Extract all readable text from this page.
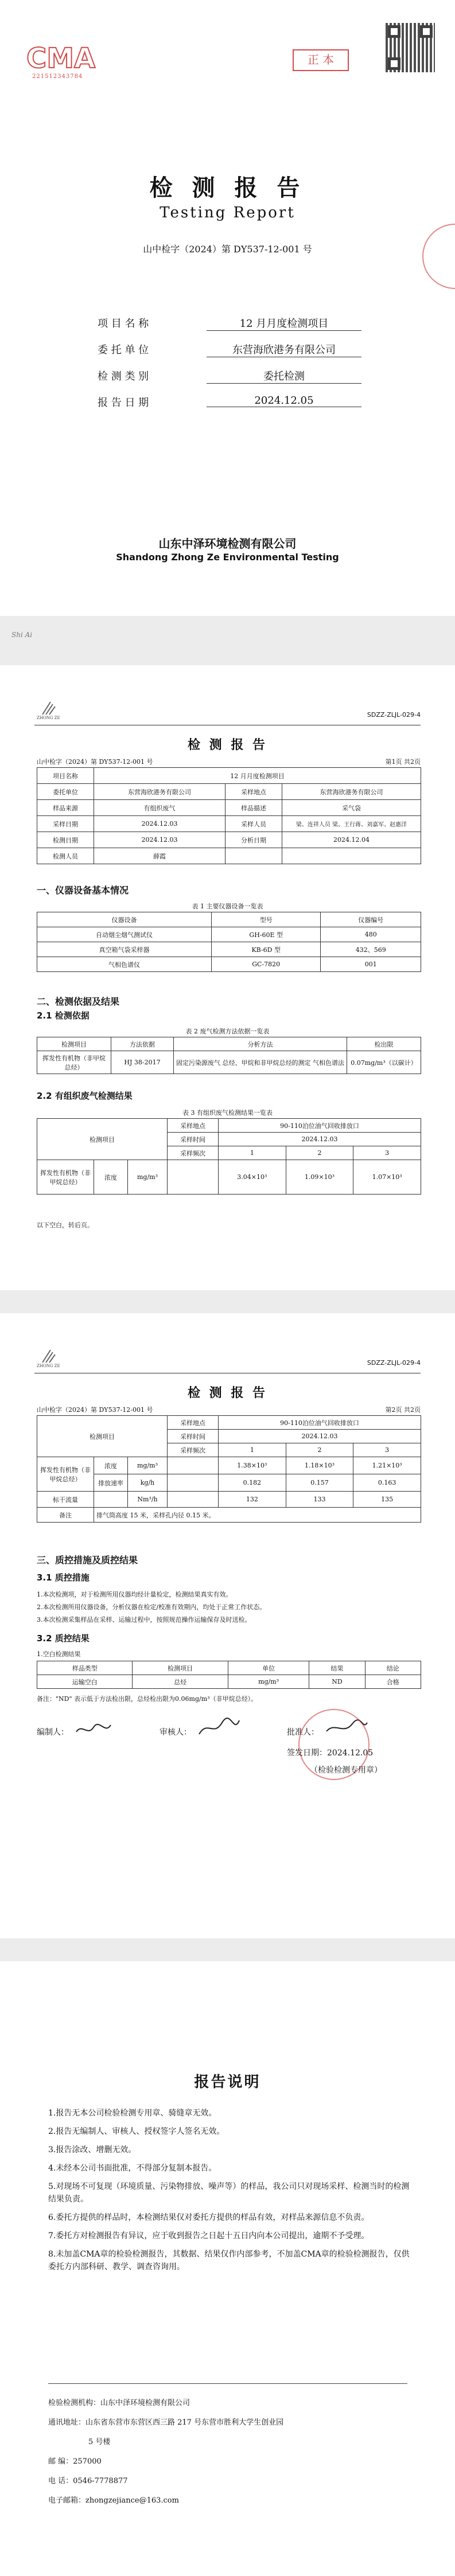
CMA
221512343784
正 本
检 测 报 告
Testing Report
山中检字（2024）第 DY537-12-001 号
项 目 名 称	12 月月度检测项目
委 托 单 位	东营海欣港务有限公司
检 测 类 别	委托检测
报 告 日 期	2024.12.05
山东中泽环境检测有限公司
Shandong Zhong Ze Environmental Testing
Shi Ai
ZHONG ZE	SDZZ-ZLJL-029-4
检 测 报 告
山中检字（2024）第 DY537-12-001 号	第1页 共2页
项目名称	12 月月度检测项目		
委托单位	东营海欣港务有限公司	采样地点	东营海欣港务有限公司
样品来源	有组织废气	样品描述	采气袋
采样日期	2024.12.03	采样人员	梁、连祥人员 梁、王行蒋、刘嘉军、赵惠洋
检测日期	2024.12.03	分析日期	2024.12.04
检测人员	薛霞		
一、仪器设备基本情况
表 1 主要仪器设备一览表
仪器设备	型号	仪器编号
自动烟尘烟气测试仪	GH-60E 型	480
真空箱气袋采样器	KB-6D 型	432、569
气相色谱仪	GC-7820	001
二、检测依据及结果
2.1 检测依据
表 2 废气检测方法依据一览表
检测项目	方法依据	分析方法	检出限
挥发性有机物（非甲烷总烃）	HJ 38-2017	固定污染源废气 总烃、甲烷和非甲烷总烃的测定 气相色谱法	0.07mg/m³（以碳计）
2.2 有组织废气检测结果
表 3 有组织废气检测结果一览表
检测项目			采样地点	90-110泊位油气回收排放口		
			采样时间	2024.12.03		
			采样频次	1	2	3
挥发性有机物（非甲烷总烃）	浓度	mg/m³		3.04×10³	1.09×10³	1.07×10³
以下空白，转后页。
ZHONG ZE	SDZZ-ZLJL-029-4
检 测 报 告
山中检字（2024）第 DY537-12-001 号	第2页 共2页
检测项目			采样地点	90-110泊位油气回收排放口		
			采样时间	2024.12.03		
			采样频次	1	2	3
挥发性有机物（非甲烷总烃）	浓度	mg/m³		1.38×10³	1.18×10³	1.21×10³
	排放速率	kg/h		0.182	0.157	0.163
标干流量		Nm³/h		132	133	135
备注	排气筒高度 15 米，采样孔内径 0.15 米。					
三、质控措施及质控结果
3.1 质控措施
1.本次检测项，对于检测所用仪器均经计量检定，检测结果真实有效。
2.本次检测所用仪器设备，分析仪器在检定/校准有效期内，均处于正常工作状态。
3.本次检测采集样品在采样、运输过程中，按照规范操作运输保存及时送检。
3.2 质控结果
1.空白检测结果
样品类型	检测项目	单位	结果	结论
运输空白	总烃	mg/m³	ND	合格
备注："ND" 表示低于方法检出限，总烃检出限为0.06mg/m³（非甲烷总烃）。
编制人：	审核人：	批准人：
签发日期：2024.12.05
（检验检测专用章）
报告说明
1.报告无本公司检验检测专用章、骑缝章无效。
2.报告无编制人、审核人、授权签字人签名无效。
3.报告涂改、增删无效。
4.未经本公司书面批准，不得部分复制本报告。
5.对现场不可复现（环境质量、污染物排放、噪声等）的样品，我公司只对现场采样、检测当时的检测结果负责。
6.委托方提供的样品时，本检测结果仅对委托方提供的样品有效，对样品来源信息不负责。
7.委托方对检测报告有异议，应于收到报告之日起十五日内向本公司提出，逾期不予受理。
8.未加盖CMA章的检验检测报告，其数据、结果仅作内部参考，不加盖CMA章的检验检测报告，仅供委托方内部科研、教学、调查咨询用。
检验检测机构：山东中泽环境检测有限公司
通讯地址：山东省东营市东营区西三路 217 号东营市胜利大学生创业园
5 号楼
邮 编：257000
电 话：0546-7778877
电子邮箱：zhongzejiance@163.com
